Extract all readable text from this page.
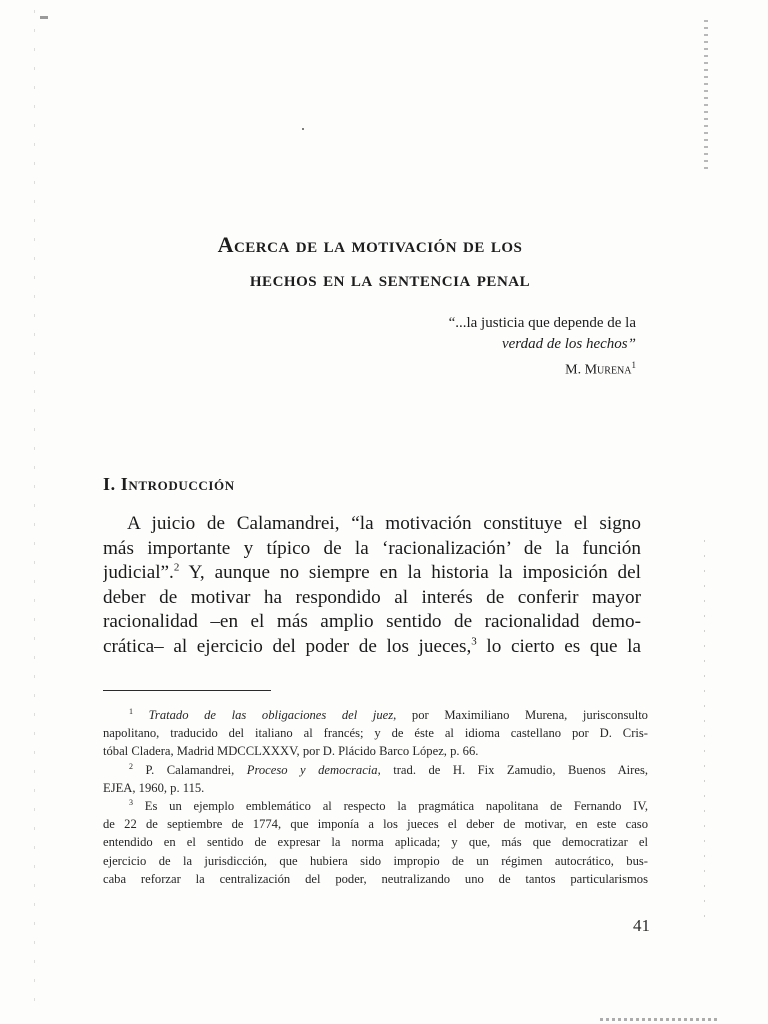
Acerca de la motivación de los
hechos en la sentencia penal
“...la justicia que depende de la
verdad de los hechos”
M. Murena$^1$
I. Introducción
A juicio de Calamandrei, “la motivación constituye el signo
más importante y típico de la ‘racionalización’ de la función
judicial”.$^2$ Y, aunque no siempre en la historia la imposición del
deber de motivar ha respondido al interés de conferir mayor
racionalidad –en el más amplio sentido de racionalidad demo-
crática– al ejercicio del poder de los jueces,$^3$ lo cierto es que la
$^1$ Tratado de las obligaciones del juez, por Maximiliano Murena, jurisconsulto
napolitano, traducido del italiano al francés; y de éste al idioma castellano por D. Cris-
tóbal Cladera, Madrid MDCCLXXXV, por D. Plácido Barco López, p. 66.
$^2$ P. Calamandrei, Proceso y democracia, trad. de H. Fix Zamudio, Buenos Aires,
EJEA, 1960, p. 115.
$^3$ Es un ejemplo emblemático al respecto la pragmática napolitana de Fernando IV,
de 22 de septiembre de 1774, que imponía a los jueces el deber de motivar, en este caso
entendido en el sentido de expresar la norma aplicada; y que, más que democratizar el
ejercicio de la jurisdicción, que hubiera sido impropio de un régimen autocrático, bus-
caba reforzar la centralización del poder, neutralizando uno de tantos particularismos
41
